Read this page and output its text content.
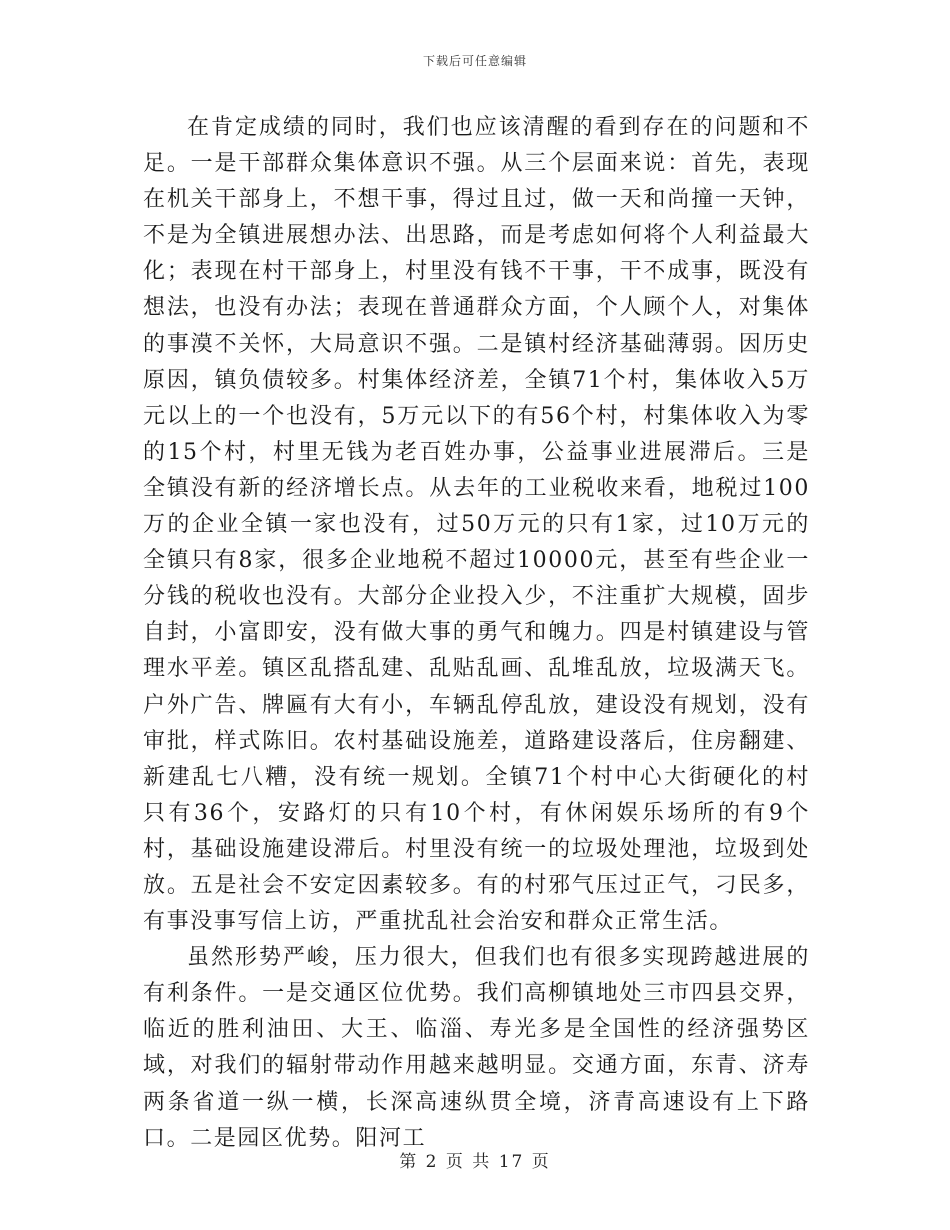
下载后可任意编辑

在肯定成绩的同时，我们也应该清醒的看到存在的问题和不足。一是干部群众集体意识不强。从三个层面来说：首先，表现在机关干部身上，不想干事，得过且过，做一天和尚撞一天钟，不是为全镇进展想办法、出思路，而是考虑如何将个人利益最大化；表现在村干部身上，村里没有钱不干事，干不成事，既没有想法，也没有办法；表现在普通群众方面，个人顾个人，对集体的事漠不关怀，大局意识不强。二是镇村经济基础薄弱。因历史原因，镇负债较多。村集体经济差，全镇71个村，集体收入5万元以上的一个也没有，5万元以下的有56个村，村集体收入为零的15个村，村里无钱为老百姓办事，公益事业进展滞后。三是全镇没有新的经济增长点。从去年的工业税收来看，地税过100万的企业全镇一家也没有，过50万元的只有1家，过10万元的全镇只有8家，很多企业地税不超过10000元，甚至有些企业一分钱的税收也没有。大部分企业投入少，不注重扩大规模，固步自封，小富即安，没有做大事的勇气和魄力。四是村镇建设与管理水平差。镇区乱搭乱建、乱贴乱画、乱堆乱放，垃圾满天飞。户外广告、牌匾有大有小，车辆乱停乱放，建设没有规划，没有审批，样式陈旧。农村基础设施差，道路建设落后，住房翻建、新建乱七八糟，没有统一规划。全镇71个村中心大街硬化的村只有36个，安路灯的只有10个村，有休闲娱乐场所的有9个村，基础设施建设滞后。村里没有统一的垃圾处理池，垃圾到处放。五是社会不安定因素较多。有的村邪气压过正气，刁民多，有事没事写信上访，严重扰乱社会治安和群众正常生活。

虽然形势严峻，压力很大，但我们也有很多实现跨越进展的有利条件。一是交通区位优势。我们高柳镇地处三市四县交界，临近的胜利油田、大王、临淄、寿光多是全国性的经济强势区域，对我们的辐射带动作用越来越明显。交通方面，东青、济寿两条省道一纵一横，长深高速纵贯全境，济青高速设有上下路口。二是园区优势。阳河工

第 2 页 共 17 页
